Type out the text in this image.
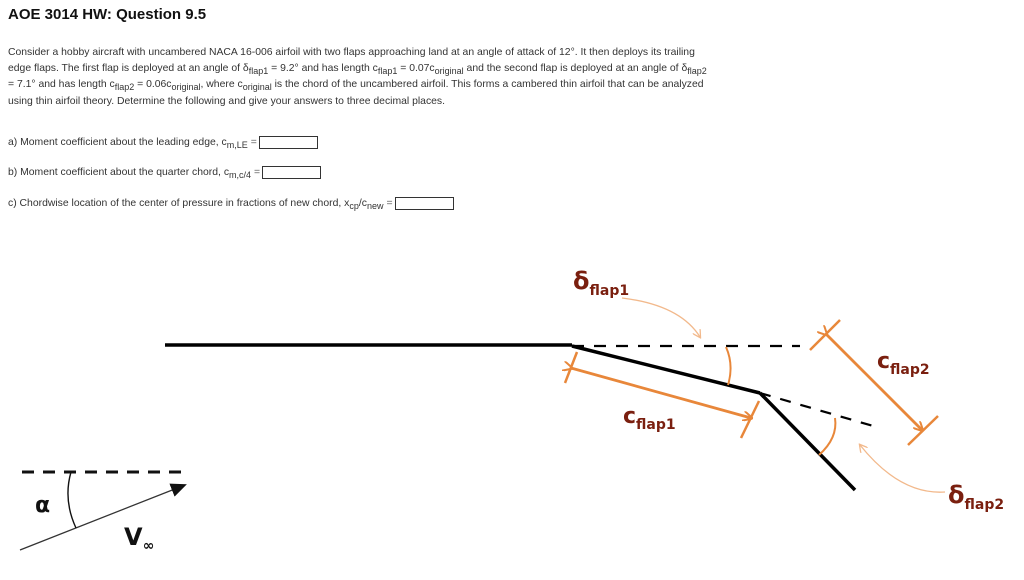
AOE 3014 HW: Question 9.5

Consider a hobby aircraft with uncambered NACA 16-006 airfoil with two flaps approaching land at an angle of attack of 12°. It then deploys its trailing edge flaps. The first flap is deployed at an angle of $\delta_{flap1} = 9.2^\circ$ and has length $c_{flap1} = 0.07c_{original}$ and the second flap is deployed at an angle of $\delta_{flap2} = 7.1^\circ$ and has length $c_{flap2} = 0.06c_{original}$, where $c_{original}$ is the chord of the uncambered airfoil. This forms a cambered thin airfoil that can be analyzed using thin airfoil theory. Determine the following and give your answers to three decimal places.

a) Moment coefficient about the leading edge, $c_{m,LE}$ =
b) Moment coefficient about the quarter chord, $c_{m,c/4}$ =
c) Chordwise location of the center of pressure in fractions of new chord, $x_{cp}/c_{new}$ =
δflap1
cflap1
cflap2
δflap2
α
V∞
